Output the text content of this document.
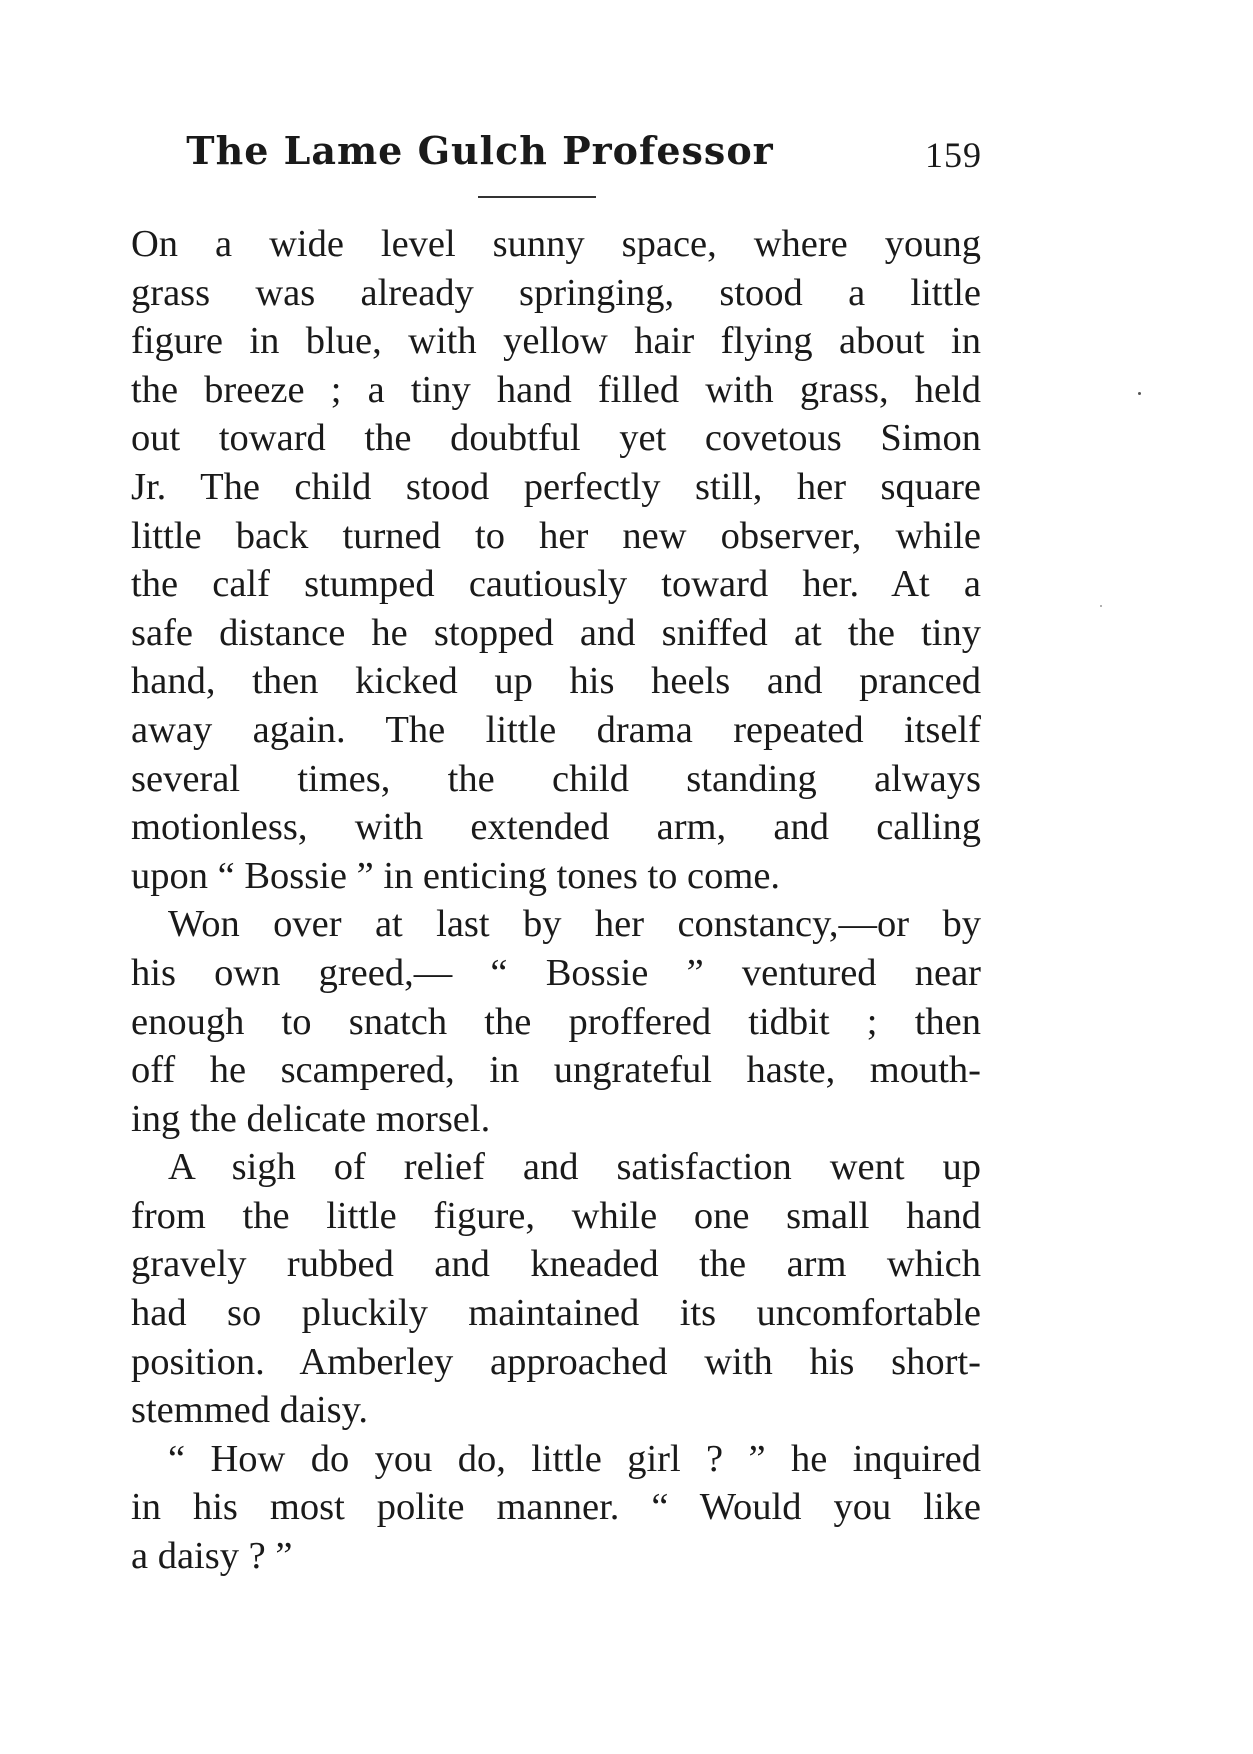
The Lame Gulch Professor	159
On a wide level sunny space, where young
grass was already springing, stood a little
figure in blue, with yellow hair flying about in
the breeze ; a tiny hand filled with grass, held
out toward the doubtful yet covetous Simon
Jr. The child stood perfectly still, her square
little back turned to her new observer, while
the calf stumped cautiously toward her. At a
safe distance he stopped and sniffed at the tiny
hand, then kicked up his heels and pranced
away again. The little drama repeated itself
several times, the child standing always
motionless, with extended arm, and calling
upon “ Bossie ” in enticing tones to come.
Won over at last by her constancy,—or by
his own greed,— “ Bossie ” ventured near
enough to snatch the proffered tidbit ; then
off he scampered, in ungrateful haste, mouth-
ing the delicate morsel.
A sigh of relief and satisfaction went up
from the little figure, while one small hand
gravely rubbed and kneaded the arm which
had so pluckily maintained its uncomfortable
position. Amberley approached with his short-
stemmed daisy.
“ How do you do, little girl ? ” he inquired
in his most polite manner. “ Would you like
a daisy ? ”
